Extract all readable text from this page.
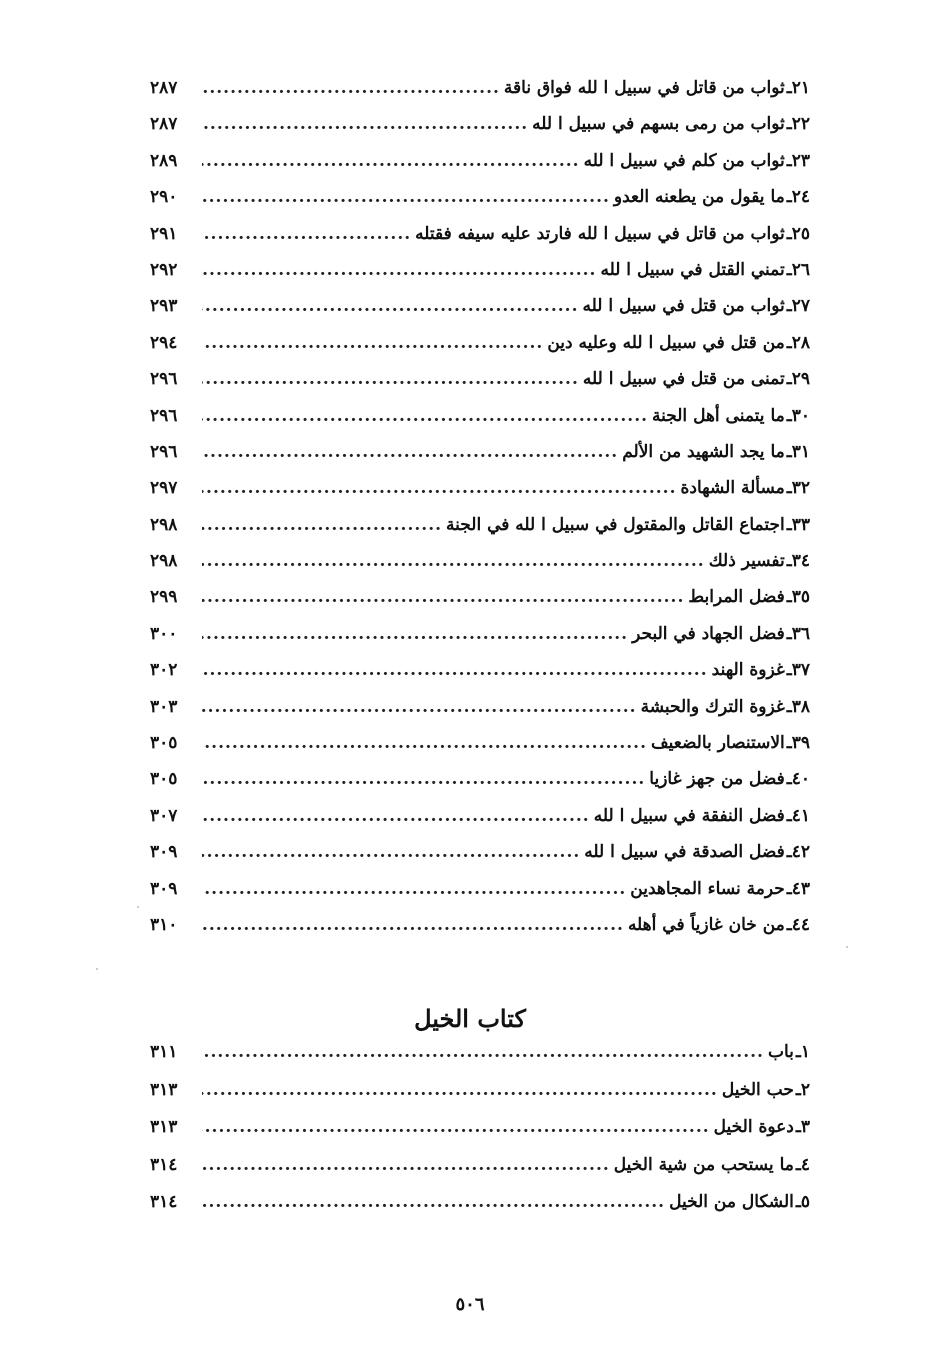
٢١ـ
ثواب من قاتل في سبيل ا لله فواق ناقة
.....
٢٨٧
٢٢ـ
ثواب من رمى بسهم في سبيل ا لله
.....
٢٨٧
٢٣ـ
ثواب من كلم في سبيل ا لله
.....
٢٨٩
٢٤ـ
ما يقول من يطعنه العدو
.....
٢٩٠
٢٥ـ
ثواب من قاتل في سبيل ا لله فارتد عليه سيفه فقتله
.....
٢٩١
٢٦ـ
تمني القتل في سبيل ا لله
.....
٢٩٢
٢٧ـ
ثواب من قتل في سبيل ا لله
.....
٢٩٣
٢٨ـ
من قتل في سبيل ا لله وعليه دين
.....
٢٩٤
٢٩ـ
تمنى من قتل في سبيل ا لله
.....
٢٩٦
٣٠ـ
ما يتمنى أهل الجنة
.....
٢٩٦
٣١ـ
ما يجد الشهيد من الألم
.....
٢٩٦
٣٢ـ
مسألة الشهادة
.....
٢٩٧
٣٣ـ
اجتماع القاتل والمقتول في سبيل ا لله في الجنة
.....
٢٩٨
٣٤ـ
تفسير ذلك
.....
٢٩٨
٣٥ـ
فضل المرابط
.....
٢٩٩
٣٦ـ
فضل الجهاد في البحر
.....
٣٠٠
٣٧ـ
غزوة الهند
.....
٣٠٢
٣٨ـ
غزوة الترك والحبشة
.....
٣٠٣
٣٩ـ
الاستنصار بالضعيف
.....
٣٠٥
٤٠ـ
فضل من جهز غازيا
.....
٣٠٥
٤١ـ
فضل النفقة في سبيل ا لله
.....
٣٠٧
٤٢ـ
فضل الصدقة في سبيل ا لله
.....
٣٠٩
٤٣ـ
حرمة نساء المجاهدين
.....
٣٠٩
٤٤ـ
من خان غازياً في أهله
.....
٣١٠
كتاب الخيل
١ـ
باب
.....
٣١١
٢ـ
حب الخيل
.....
٣١٣
٣ـ
دعوة الخيل
.....
٣١٣
٤ـ
ما يستحب من شية الخيل
.....
٣١٤
٥ـ
الشكال من الخيل
.....
٣١٤
٥٠٦
